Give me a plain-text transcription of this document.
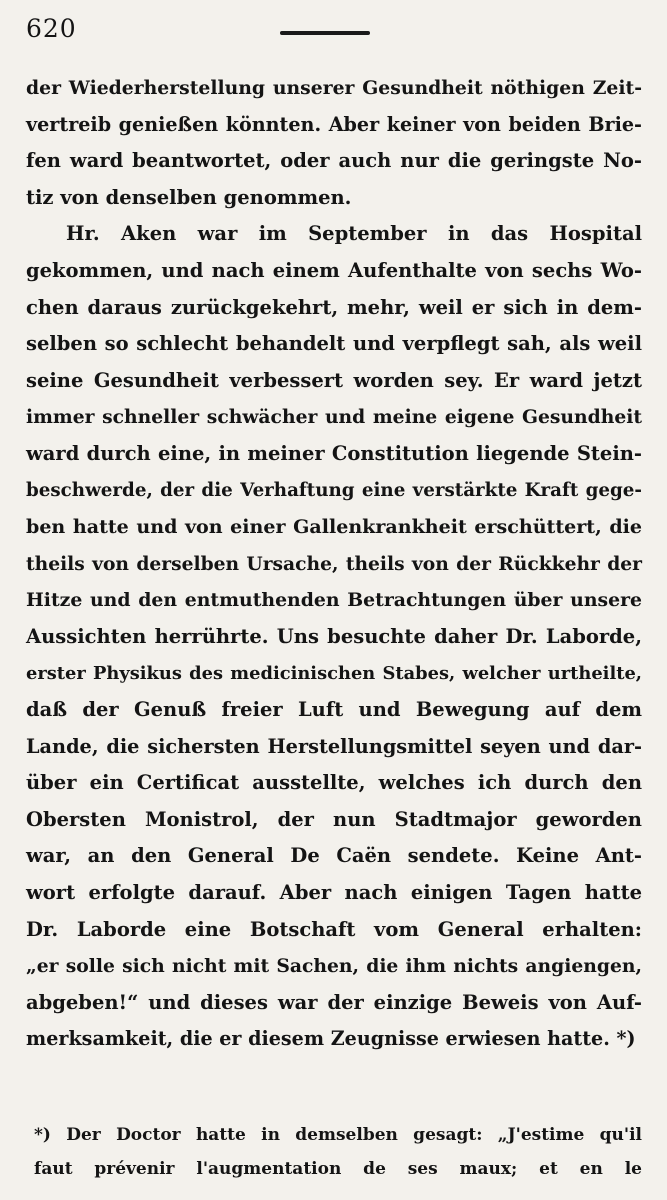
620
der Wiederherstellung unserer Gesundheit nöthigen Zeit-
vertreib genießen könnten. Aber keiner von beiden Brie-
fen ward beantwortet, oder auch nur die geringste No-
tiz von denselben genommen.
Hr. Aken war im September in das Hospital
gekommen, und nach einem Aufenthalte von sechs Wo-
chen daraus zurückgekehrt, mehr, weil er sich in dem-
selben so schlecht behandelt und verpflegt sah, als weil
seine Gesundheit verbessert worden sey. Er ward jetzt
immer schneller schwächer und meine eigene Gesundheit
ward durch eine, in meiner Constitution liegende Stein-
beschwerde, der die Verhaftung eine verstärkte Kraft gege-
ben hatte und von einer Gallenkrankheit erschüttert, die
theils von derselben Ursache, theils von der Rückkehr der
Hitze und den entmuthenden Betrachtungen über unsere
Aussichten herrührte. Uns besuchte daher Dr. Laborde,
erster Physikus des medicinischen Stabes, welcher urtheilte,
daß der Genuß freier Luft und Bewegung auf dem
Lande, die sichersten Herstellungsmittel seyen und dar-
über ein Certificat ausstellte, welches ich durch den
Obersten Monistrol, der nun Stadtmajor geworden
war, an den General De Caën sendete. Keine Ant-
wort erfolgte darauf. Aber nach einigen Tagen hatte
Dr. Laborde eine Botschaft vom General erhalten:
„er solle sich nicht mit Sachen, die ihm nichts angiengen,
abgeben!“ und dieses war der einzige Beweis von Auf-
merksamkeit, die er diesem Zeugnisse erwiesen hatte. *)
*) Der Doctor hatte in demselben gesagt: „J'estime qu'il
faut prévenir l'augmentation de ses maux; et en le
